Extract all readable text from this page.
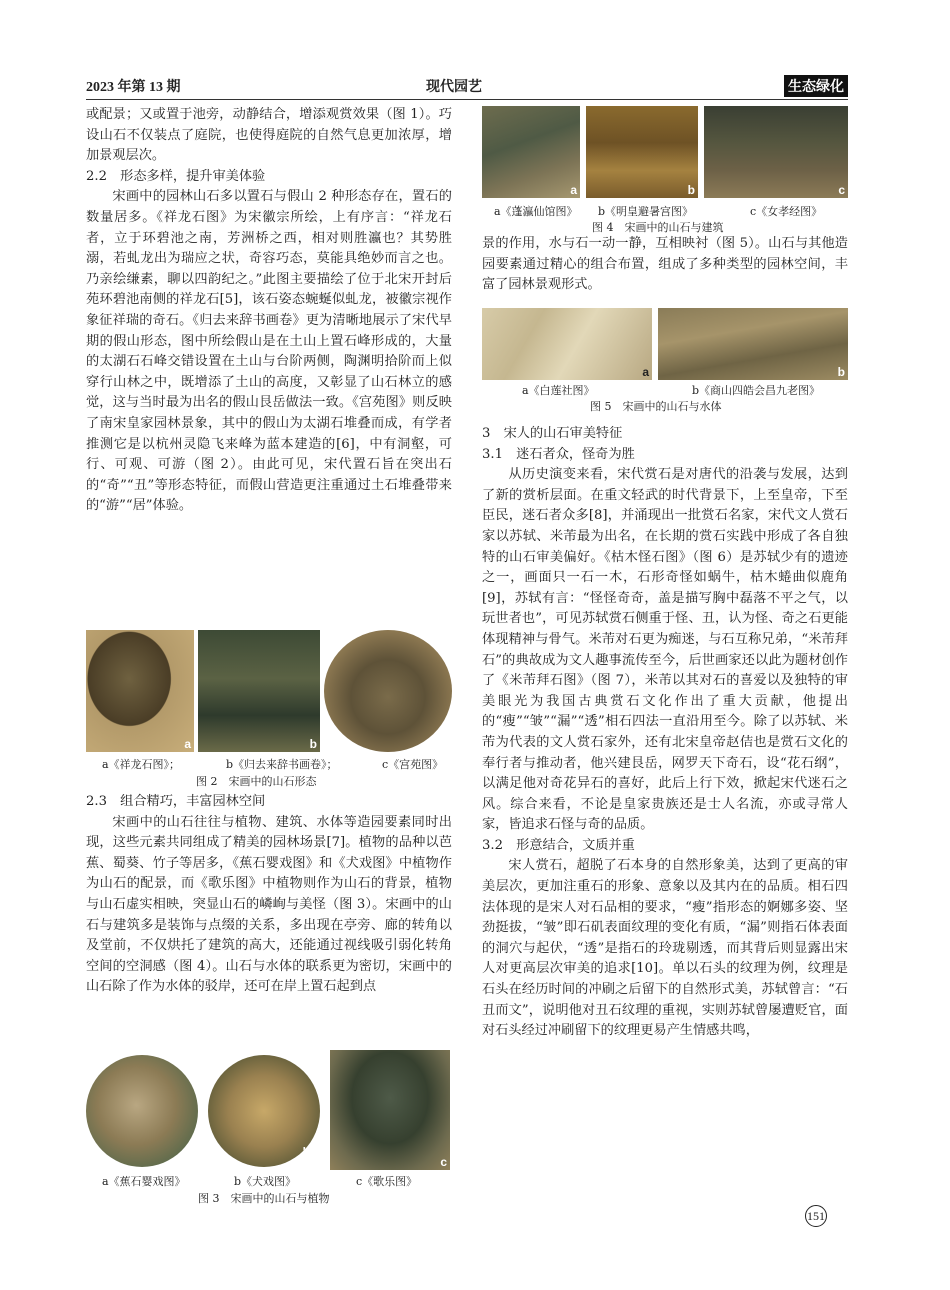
2023 年第 13 期	现代园艺	生态绿化

或配景；又或置于池旁，动静结合，增添观赏效果（图 1）。巧设山石不仅装点了庭院，也使得庭院的自然气息更加浓厚，增加景观层次。

2.2　形态多样，提升审美体验

宋画中的园林山石多以置石与假山 2 种形态存在，置石的数量居多。《祥龙石图》为宋徽宗所绘，上有序言：“祥龙石者，立于环碧池之南，芳洲桥之西，相对则胜瀛也？其势胜溺，若虬龙出为瑞应之状，奇容巧态，莫能具绝妙而言之也。乃亲绘缣素，聊以四韵纪之。”此图主要描绘了位于北宋开封后苑环碧池南侧的祥龙石[5]，该石姿态蜿蜒似虬龙，被徽宗视作象征祥瑞的奇石。《归去来辞书画卷》更为清晰地展示了宋代早期的假山形态，图中所绘假山是在土山上置石峰形成的，大量的太湖石石峰交错设置在土山与台阶两侧，陶渊明拾阶而上似穿行山林之中，既增添了土山的高度，又彰显了山石林立的感觉，这与当时最为出名的假山艮岳做法一致。《宫苑图》则反映了南宋皇家园林景象，其中的假山为太湖石堆叠而成，有学者推测它是以杭州灵隐飞来峰为蓝本建造的[6]，中有洞壑，可行、可观、可游（图 2）。由此可见，宋代置石旨在突出石的“奇”“丑”等形态特征，而假山营造更注重通过土石堆叠带来的“游”“居”体验。

a	b	c
a《祥龙石图》；	b《归去来辞书画卷》；	c《宫苑图》
图 2　宋画中的山石形态

2.3　组合精巧，丰富园林空间

宋画中的山石往往与植物、建筑、水体等造园要素同时出现，这些元素共同组成了精美的园林场景[7]。植物的品种以芭蕉、蜀葵、竹子等居多，《蕉石婴戏图》和《犬戏图》中植物作为山石的配景，而《歌乐图》中植物则作为山石的背景，植物与山石虚实相映，突显山石的嶙峋与美怪（图 3）。宋画中的山石与建筑多是装饰与点缀的关系，多出现在亭旁、廊的转角以及堂前，不仅烘托了建筑的高大，还能通过视线吸引弱化转角空间的空洞感（图 4）。山石与水体的联系更为密切，宋画中的山石除了作为水体的驳岸，还可在岸上置石起到点

a	b
c
a《蕉石婴戏图》	b《犬戏图》	c《歌乐图》
图 3　宋画中的山石与植物
a	b	c
a《蓬瀛仙馆图》 b《明皇避暑宫图》	c《女孝经图》
图 4　宋画中的山石与建筑

景的作用，水与石一动一静，互相映衬（图 5）。山石与其他造园要素通过精心的组合布置，组成了多种类型的园林空间，丰富了园林景观形式。

a	b
a《白莲社图》	b《商山四皓会昌九老图》
图 5　宋画中的山石与水体

3　宋人的山石审美特征

3.1　迷石者众，怪奇为胜

从历史演变来看，宋代赏石是对唐代的沿袭与发展，达到了新的赏析层面。在重文轻武的时代背景下，上至皇帝，下至臣民，迷石者众多[8]，并涌现出一批赏石名家，宋代文人赏石家以苏轼、米芾最为出名，在长期的赏石实践中形成了各自独特的山石审美偏好。《枯木怪石图》（图 6）是苏轼少有的遗迹之一，画面只一石一木，石形奇怪如蜗牛，枯木蜷曲似鹿角[9]，苏轼有言：“怪怪奇奇，盖是描写胸中磊落不平之气，以玩世者也”，可见苏轼赏石侧重于怪、丑，认为怪、奇之石更能体现精神与骨气。米芾对石更为痴迷，与石互称兄弟，“米芾拜石”的典故成为文人趣事流传至今，后世画家还以此为题材创作了《米芾拜石图》（图 7），米芾以其对石的喜爱以及独特的审美眼光为我国古典赏石文化作出了重大贡献，他提出的“瘦”“皱”“漏”“透”相石四法一直沿用至今。除了以苏轼、米芾为代表的文人赏石家外，还有北宋皇帝赵佶也是赏石文化的奉行者与推动者，他兴建艮岳，网罗天下奇石，设“花石纲”，以满足他对奇花异石的喜好，此后上行下效，掀起宋代迷石之风。综合来看，不论是皇家贵族还是士人名流，亦或寻常人家，皆追求石怪与奇的品质。

3.2　形意结合，文质并重

宋人赏石，超脱了石本身的自然形象美，达到了更高的审美层次，更加注重石的形象、意象以及其内在的品质。相石四法体现的是宋人对石品相的要求，“瘦”指形态的婀娜多姿、坚劲挺拔，“皱”即石矶表面纹理的变化有质，“漏”则指石体表面的洞穴与起伏，“透”是指石的玲珑剔透，而其背后则显露出宋人对更高层次审美的追求[10]。单以石头的纹理为例，纹理是石头在经历时间的冲刷之后留下的自然形式美，苏轼曾言：“石丑而文”，说明他对丑石纹理的重视，实则苏轼曾屡遭贬官，面对石头经过冲刷留下的纹理更易产生情感共鸣，

151
